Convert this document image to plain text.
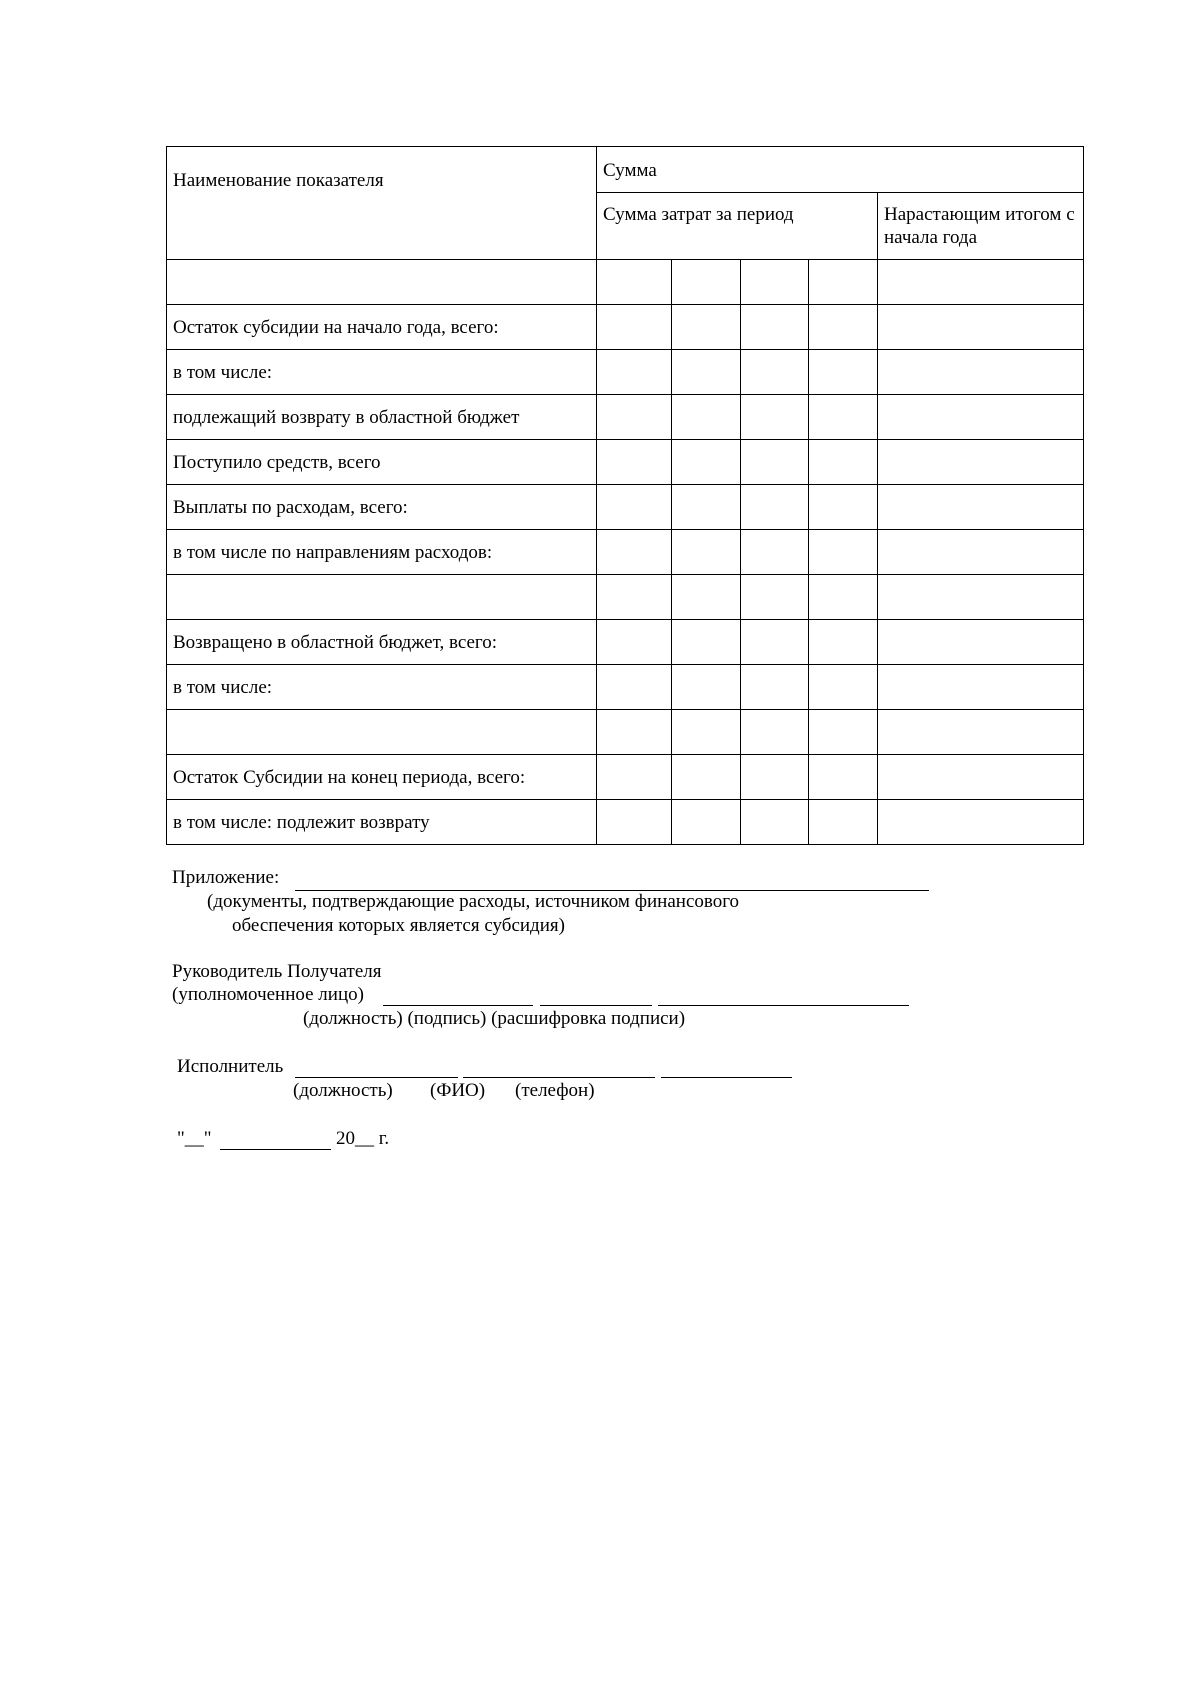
Наименование показателя	Сумма				
	Сумма затрат за период				Нарастающим итогом с начала года

Остаток субсидии на начало года, всего:					
в том числе:					
подлежащий возврату в областной бюджет					
Поступило средств, всего					
Выплаты по расходам, всего:					
в том числе по направлениям расходов:					

Возвращено в областной бюджет, всего:					
в том числе:					

Остаток Субсидии на конец периода, всего:					
в том числе: подлежит возврату					
Приложение:
(документы, подтверждающие расходы, источником финансового
обеспечения которых является субсидия)
Руководитель Получателя
(уполномоченное лицо)
(должность) (подпись) (расшифровка подписи)
Исполнитель
(должность) (ФИО) (телефон)
"__"	20__ г.
